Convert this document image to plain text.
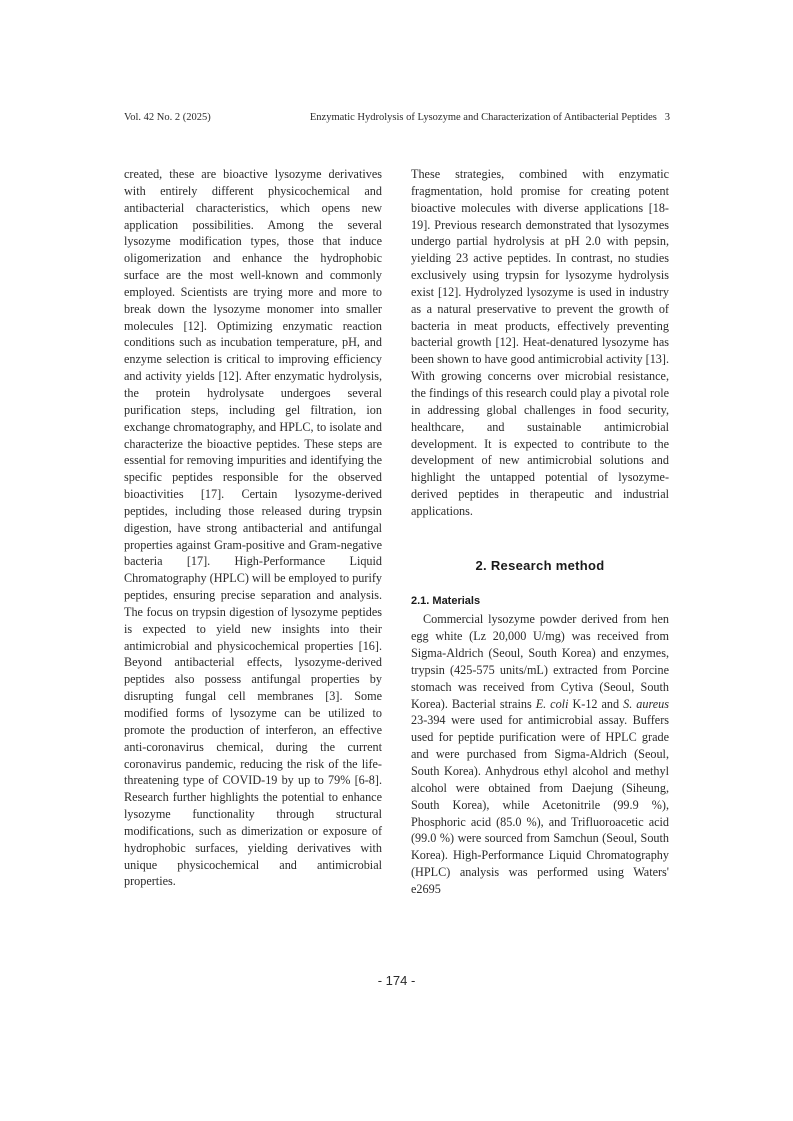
Vol. 42 No. 2 (2025)	Enzymatic Hydrolysis of Lysozyme and Characterization of Antibacterial Peptides   3

created, these are bioactive lysozyme derivatives with entirely different physicochemical and antibacterial characteristics, which opens new application possibilities. Among the several lysozyme modification types, those that induce oligomerization and enhance the hydrophobic surface are the most well-known and commonly employed. Scientists are trying more and more to break down the lysozyme monomer into smaller molecules [12]. Optimizing enzymatic reaction conditions such as incubation temperature, pH, and enzyme selection is critical to improving efficiency and activity yields [12]. After enzymatic hydrolysis, the protein hydrolysate undergoes several purification steps, including gel filtration, ion exchange chromatography, and HPLC, to isolate and characterize the bioactive peptides. These steps are essential for removing impurities and identifying the specific peptides responsible for the observed bioactivities [17]. Certain lysozyme-derived peptides, including those released during trypsin digestion, have strong antibacterial and antifungal properties against Gram-positive and Gram-negative bacteria [17]. High-Performance Liquid Chromatography (HPLC) will be employed to purify peptides, ensuring precise separation and analysis. The focus on trypsin digestion of lysozyme peptides is expected to yield new insights into their antimicrobial and physicochemical properties [16]. Beyond antibacterial effects, lysozyme-derived peptides also possess antifungal properties by disrupting fungal cell membranes [3]. Some modified forms of lysozyme can be utilized to promote the production of interferon, an effective anti-coronavirus chemical, during the current coronavirus pandemic, reducing the risk of the life-threatening type of COVID-19 by up to 79% [6-8]. Research further highlights the potential to enhance lysozyme functionality through structural modifications, such as dimerization or exposure of hydrophobic surfaces, yielding derivatives with unique physicochemical and antimicrobial properties.

These strategies, combined with enzymatic fragmentation, hold promise for creating potent bioactive molecules with diverse applications [18-19]. Previous research demonstrated that lysozymes undergo partial hydrolysis at pH 2.0 with pepsin, yielding 23 active peptides. In contrast, no studies exclusively using trypsin for lysozyme hydrolysis exist [12]. Hydrolyzed lysozyme is used in industry as a natural preservative to prevent the growth of bacteria in meat products, effectively preventing bacterial growth [12]. Heat-denatured lysozyme has been shown to have good antimicrobial activity [13]. With growing concerns over microbial resistance, the findings of this research could play a pivotal role in addressing global challenges in food security, healthcare, and sustainable antimicrobial development. It is expected to contribute to the development of new antimicrobial solutions and highlight the untapped potential of lysozyme-derived peptides in therapeutic and industrial applications.

2. Research method
2.1. Materials

Commercial lysozyme powder derived from hen egg white (Lz 20,000 U/mg) was received from Sigma-Aldrich (Seoul, South Korea) and enzymes, trypsin (425-575 units/mL) extracted from Porcine stomach was received from Cytiva (Seoul, South Korea). Bacterial strains E. coli K-12 and S. aureus 23-394 were used for antimicrobial assay. Buffers used for peptide purification were of HPLC grade and were purchased from Sigma-Aldrich (Seoul, South Korea). Anhydrous ethyl alcohol and methyl alcohol were obtained from Daejung (Siheung, South Korea), while Acetonitrile (99.9 %), Phosphoric acid (85.0 %), and Trifluoroacetic acid (99.0 %) were sourced from Samchun (Seoul, South Korea). High-Performance Liquid Chromatography (HPLC) analysis was performed using Waters' e2695

- 174 -
